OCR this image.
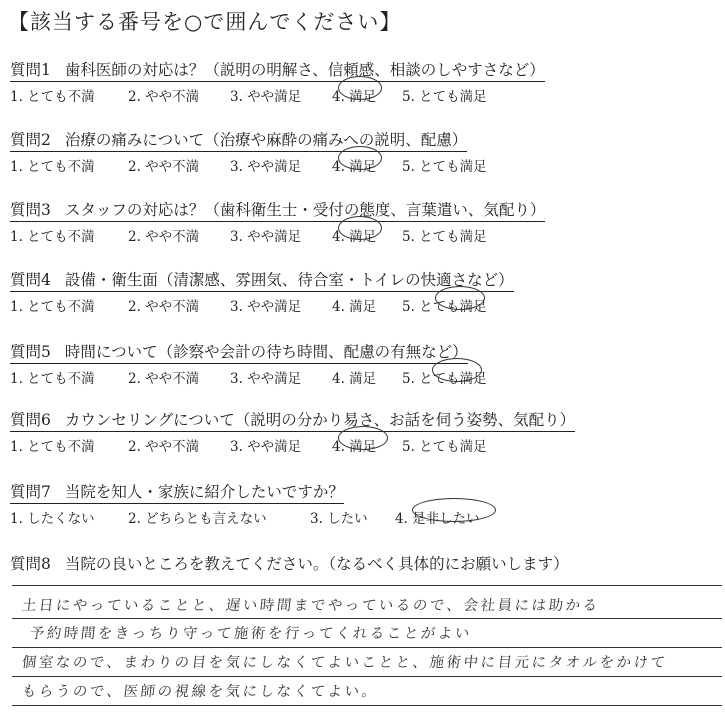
【該当する番号を○で囲んでください】
質問1 歯科医師の対応は？（説明の明解さ、信頼感、相談のしやすさなど）
1. とても不満 2. やや不満 3. やや満足 4. 満足 5. とても満足
質問2 治療の痛みについて（治療や麻酔の痛みへの説明、配慮）
1. とても不満 2. やや不満 3. やや満足 4. 満足 5. とても満足
質問3 スタッフの対応は？（歯科衛生士・受付の態度、言葉遣い、気配り）
1. とても不満 2. やや不満 3. やや満足 4. 満足 5. とても満足
質問4 設備・衛生面（清潔感、雰囲気、待合室・トイレの快適さなど）
1. とても不満 2. やや不満 3. やや満足 4. 満足 5. とても満足
質問5 時間について（診察や会計の待ち時間、配慮の有無など）
1. とても不満 2. やや不満 3. やや満足 4. 満足 5. とても満足
質問6 カウンセリングについて（説明の分かり易さ、お話を伺う姿勢、気配り）
1. とても不満 2. やや不満 3. やや満足 4. 満足 5. とても満足
質問7 当院を知人・家族に紹介したいですか？
1. したくない 2. どちらとも言えない	3. したい 4. 是非したい
質問8 当院の良いところを教えてください。（なるべく具体的にお願いします）
土日にやっていることと、遅い時間までやっているので、会社員には助かる
予約時間をきっちり守って施術を行ってくれることがよい
個室なので、まわりの目を気にしなくてよいことと、施術中に目元にタオルをかけて
もらうので、医師の視線を気にしなくてよい。
